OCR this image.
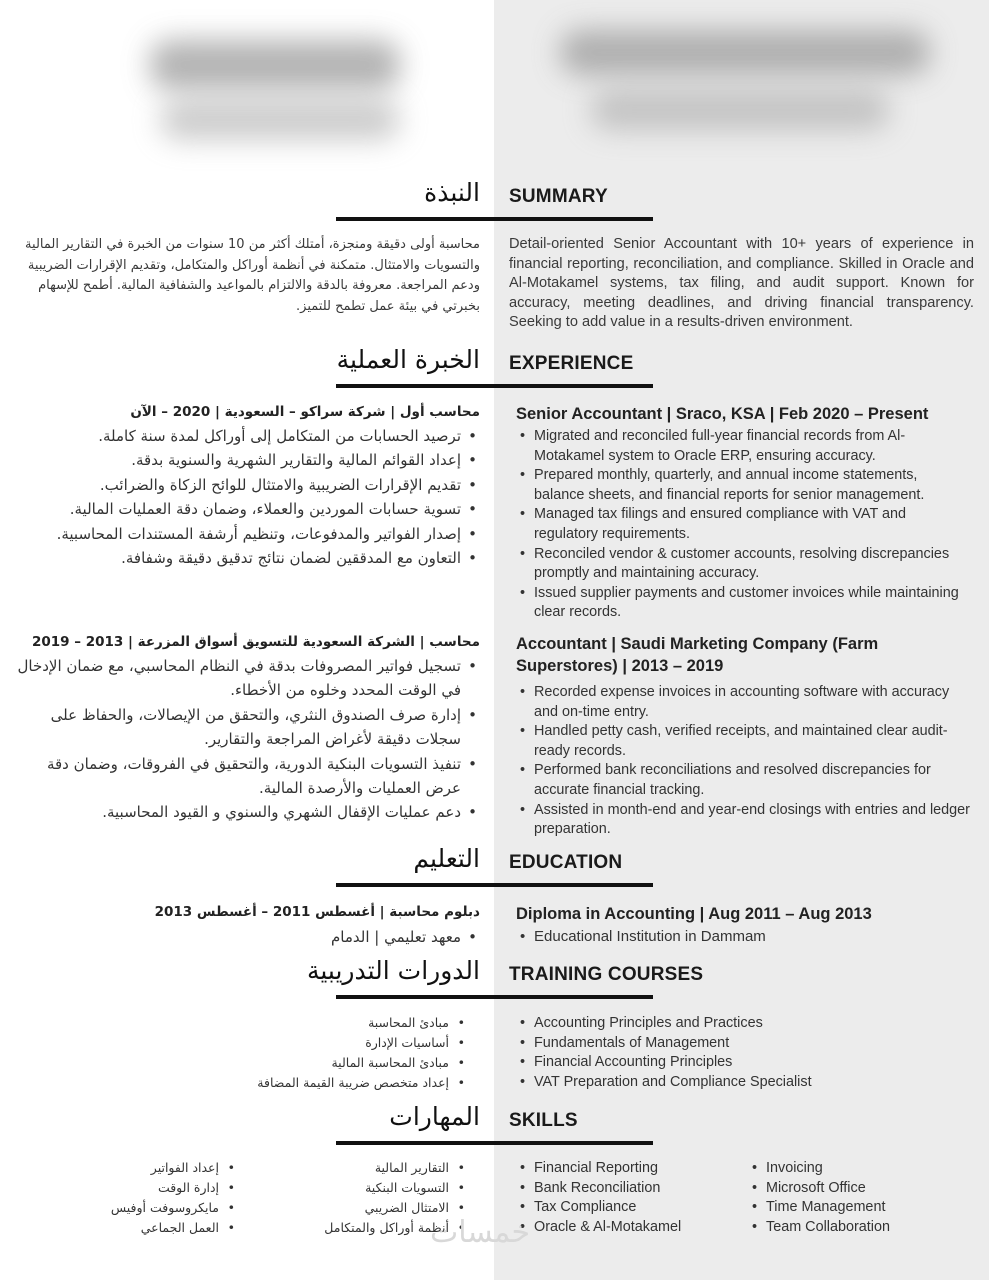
النبذة SUMMARY

محاسبة أولى دقيقة ومنجزة، أمتلك أكثر من 10 سنوات من الخبرة في التقارير المالية والتسويات والامتثال. متمكنة في أنظمة أوراكل والمتكامل، وتقديم الإقرارات الضريبية ودعم المراجعة. معروفة بالدقة والالتزام بالمواعيد والشفافية المالية. أطمح للإسهام بخبرتي في بيئة عمل تطمح للتميز.

Detail-oriented Senior Accountant with 10+ years of experience in financial reporting, reconciliation, and compliance. Skilled in Oracle and Al-Motakamel systems, tax filing, and audit support. Known for accuracy, meeting deadlines, and driving financial transparency. Seeking to add value in a results-driven environment.

الخبرة العملية EXPERIENCE
محاسب أول | شركة سراكو – السعودية | 2020 – الآن Senior Accountant | Sraco, KSA | Feb 2020 – Present
• ترصيد الحسابات من المتكامل إلى أوراكل لمدة سنة كاملة.
• إعداد القوائم المالية والتقارير الشهرية والسنوية بدقة.
• تقديم الإقرارات الضريبية والامتثال للوائح الزكاة والضرائب.
• تسوية حسابات الموردين والعملاء، وضمان دقة العمليات المالية.
• إصدار الفواتير والمدفوعات، وتنظيم أرشفة المستندات المحاسبية.
• التعاون مع المدققين لضمان نتائج تدقيق دقيقة وشفافة.
• Migrated and reconciled full-year financial records from Al-Motakamel system to Oracle ERP, ensuring accuracy.
• Prepared monthly, quarterly, and annual income statements, balance sheets, and financial reports for senior management.
• Managed tax filings and ensured compliance with VAT and regulatory requirements.
• Reconciled vendor & customer accounts, resolving discrepancies promptly and maintaining accuracy.
• Issued supplier payments and customer invoices while maintaining clear records.
محاسب | الشركة السعودية للتسويق أسواق المزرعة | 2013 – 2019 Accountant | Saudi Marketing Company (Farm Superstores) | 2013 – 2019
• تسجيل فواتير المصروفات بدقة في النظام المحاسبي، مع ضمان الإدخال في الوقت المحدد وخلوه من الأخطاء.
• إدارة صرف الصندوق النثري، والتحقق من الإيصالات، والحفاظ على سجلات دقيقة لأغراض المراجعة والتقارير.
• تنفيذ التسويات البنكية الدورية، والتحقيق في الفروقات، وضمان دقة عرض العمليات والأرصدة المالية.
• دعم عمليات الإقفال الشهري والسنوي و القيود المحاسبية.
• Recorded expense invoices in accounting software with accuracy and on-time entry.
• Handled petty cash, verified receipts, and maintained clear audit-ready records.
• Performed bank reconciliations and resolved discrepancies for accurate financial tracking.
• Assisted in month-end and year-end closings with entries and ledger preparation.
التعليم EDUCATION
دبلوم محاسبة | أغسطس 2011 – أغسطس 2013 Diploma in Accounting | Aug 2011 – Aug 2013
• معهد تعليمي | الدمام	• Educational Institution in Dammam
الدورات التدريبية TRAINING COURSES
• مبادئ المحاسبة
• أساسيات الإدارة
• مبادئ المحاسبة المالية
• إعداد متخصص ضريبة القيمة المضافة
• Accounting Principles and Practices
• Fundamentals of Management
• Financial Accounting Principles
• VAT Preparation and Compliance Specialist
المهارات SKILLS
• التقارير المالية
• التسويات البنكية
• الامتثال الضريبي
• أنظمة أوراكل والمتكامل
• إعداد الفواتير
• إدارة الوقت
• مايكروسوفت أوفيس
• العمل الجماعي
• Financial Reporting
• Bank Reconciliation
• Tax Compliance
• Oracle & Al-Motakamel
• Invoicing
• Microsoft Office
• Time Management
• Team Collaboration
خمسات
